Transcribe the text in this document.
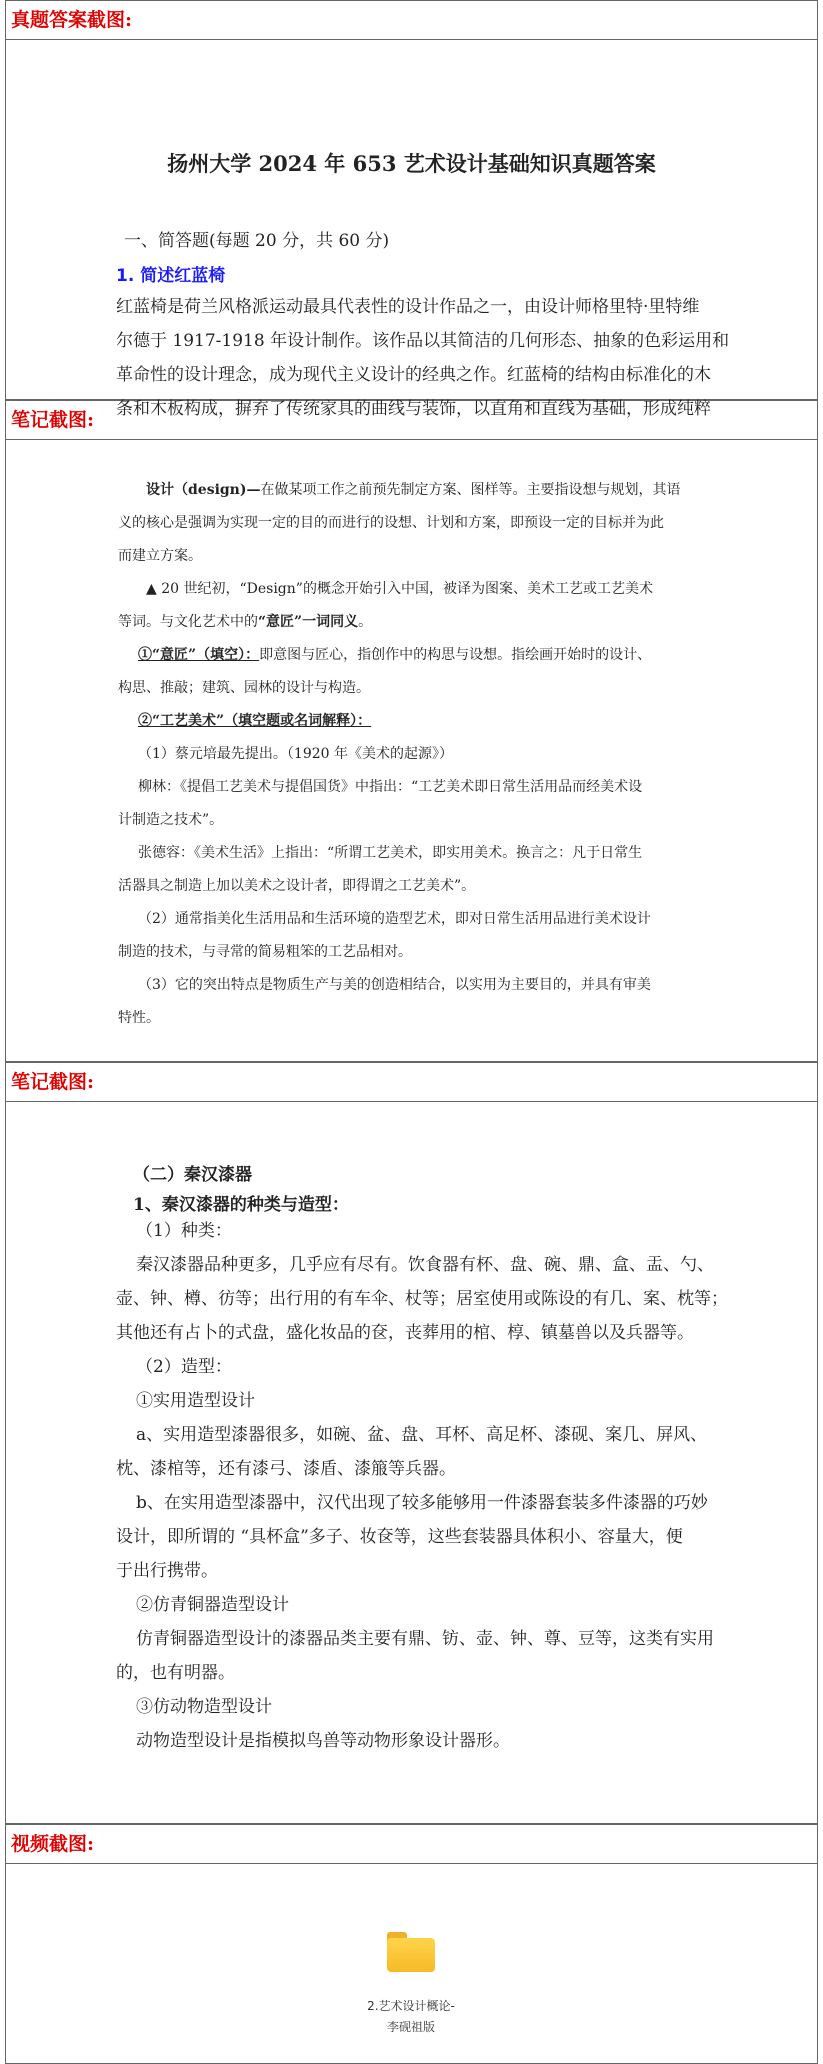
真题答案截图:
扬州大学 2024 年 653 艺术设计基础知识真题答案
一、简答题(每题 20 分，共 60 分)
1. 简述红蓝椅
红蓝椅是荷兰风格派运动最具代表性的设计作品之一，由设计师格里特·里特维
尔德于 1917-1918 年设计制作。该作品以其简洁的几何形态、抽象的色彩运用和
革命性的设计理念，成为现代主义设计的经典之作。红蓝椅的结构由标准化的木
条和木板构成，摒弃了传统家具的曲线与装饰，以直角和直线为基础，形成纯粹
笔记截图:
设计（design)—在做某项工作之前预先制定方案、图样等。主要指设想与规划，其语
义的核心是强调为实现一定的目的而进行的设想、计划和方案，即预设一定的目标并为此
而建立方案。
▲ 20 世纪初，“Design”的概念开始引入中国，被译为图案、美术工艺或工艺美术
等词。与文化艺术中的“意匠”一词同义。
①“意匠”（填空）：即意图与匠心，指创作中的构思与设想。指绘画开始时的设计、
构思、推敲；建筑、园林的设计与构造。
②“工艺美术”（填空题或名词解释）：
（1）蔡元培最先提出。（1920 年《美术的起源》）
柳林：《提倡工艺美术与提倡国货》中指出：“工艺美术即日常生活用品而经美术设
计制造之技术”。
张德容：《美术生活》上指出：“所谓工艺美术，即实用美术。换言之：凡于日常生
活器具之制造上加以美术之设计者，即得谓之工艺美术”。
（2）通常指美化生活用品和生活环境的造型艺术，即对日常生活用品进行美术设计
制造的技术，与寻常的简易粗笨的工艺品相对。
（3）它的突出特点是物质生产与美的创造相结合，以实用为主要目的，并具有审美
特性。
笔记截图:
（二）秦汉漆器
1、秦汉漆器的种类与造型：
（1）种类：
秦汉漆器品种更多，几乎应有尽有。饮食器有杯、盘、碗、鼎、盒、盂、勺、
壶、钟、樽、彷等；出行用的有车伞、杖等；居室使用或陈设的有几、案、枕等；
其他还有占卜的式盘，盛化妆品的奁，丧葬用的棺、椁、镇墓兽以及兵器等。
（2）造型：
①实用造型设计
a、实用造型漆器很多，如碗、盆、盘、耳杯、高足杯、漆砚、案几、屏风、
枕、漆棺等，还有漆弓、漆盾、漆箙等兵器。
b、在实用造型漆器中，汉代出现了较多能够用一件漆器套装多件漆器的巧妙
设计，即所谓的 “具杯盒”多子、妆奁等，这些套装器具体积小、容量大，便
于出行携带。
②仿青铜器造型设计
仿青铜器造型设计的漆器品类主要有鼎、钫、壶、钟、尊、豆等，这类有实用
的，也有明器。
③仿动物造型设计
动物造型设计是指模拟鸟兽等动物形象设计器形。
视频截图:
2.艺术设计概论-
李砚祖版
